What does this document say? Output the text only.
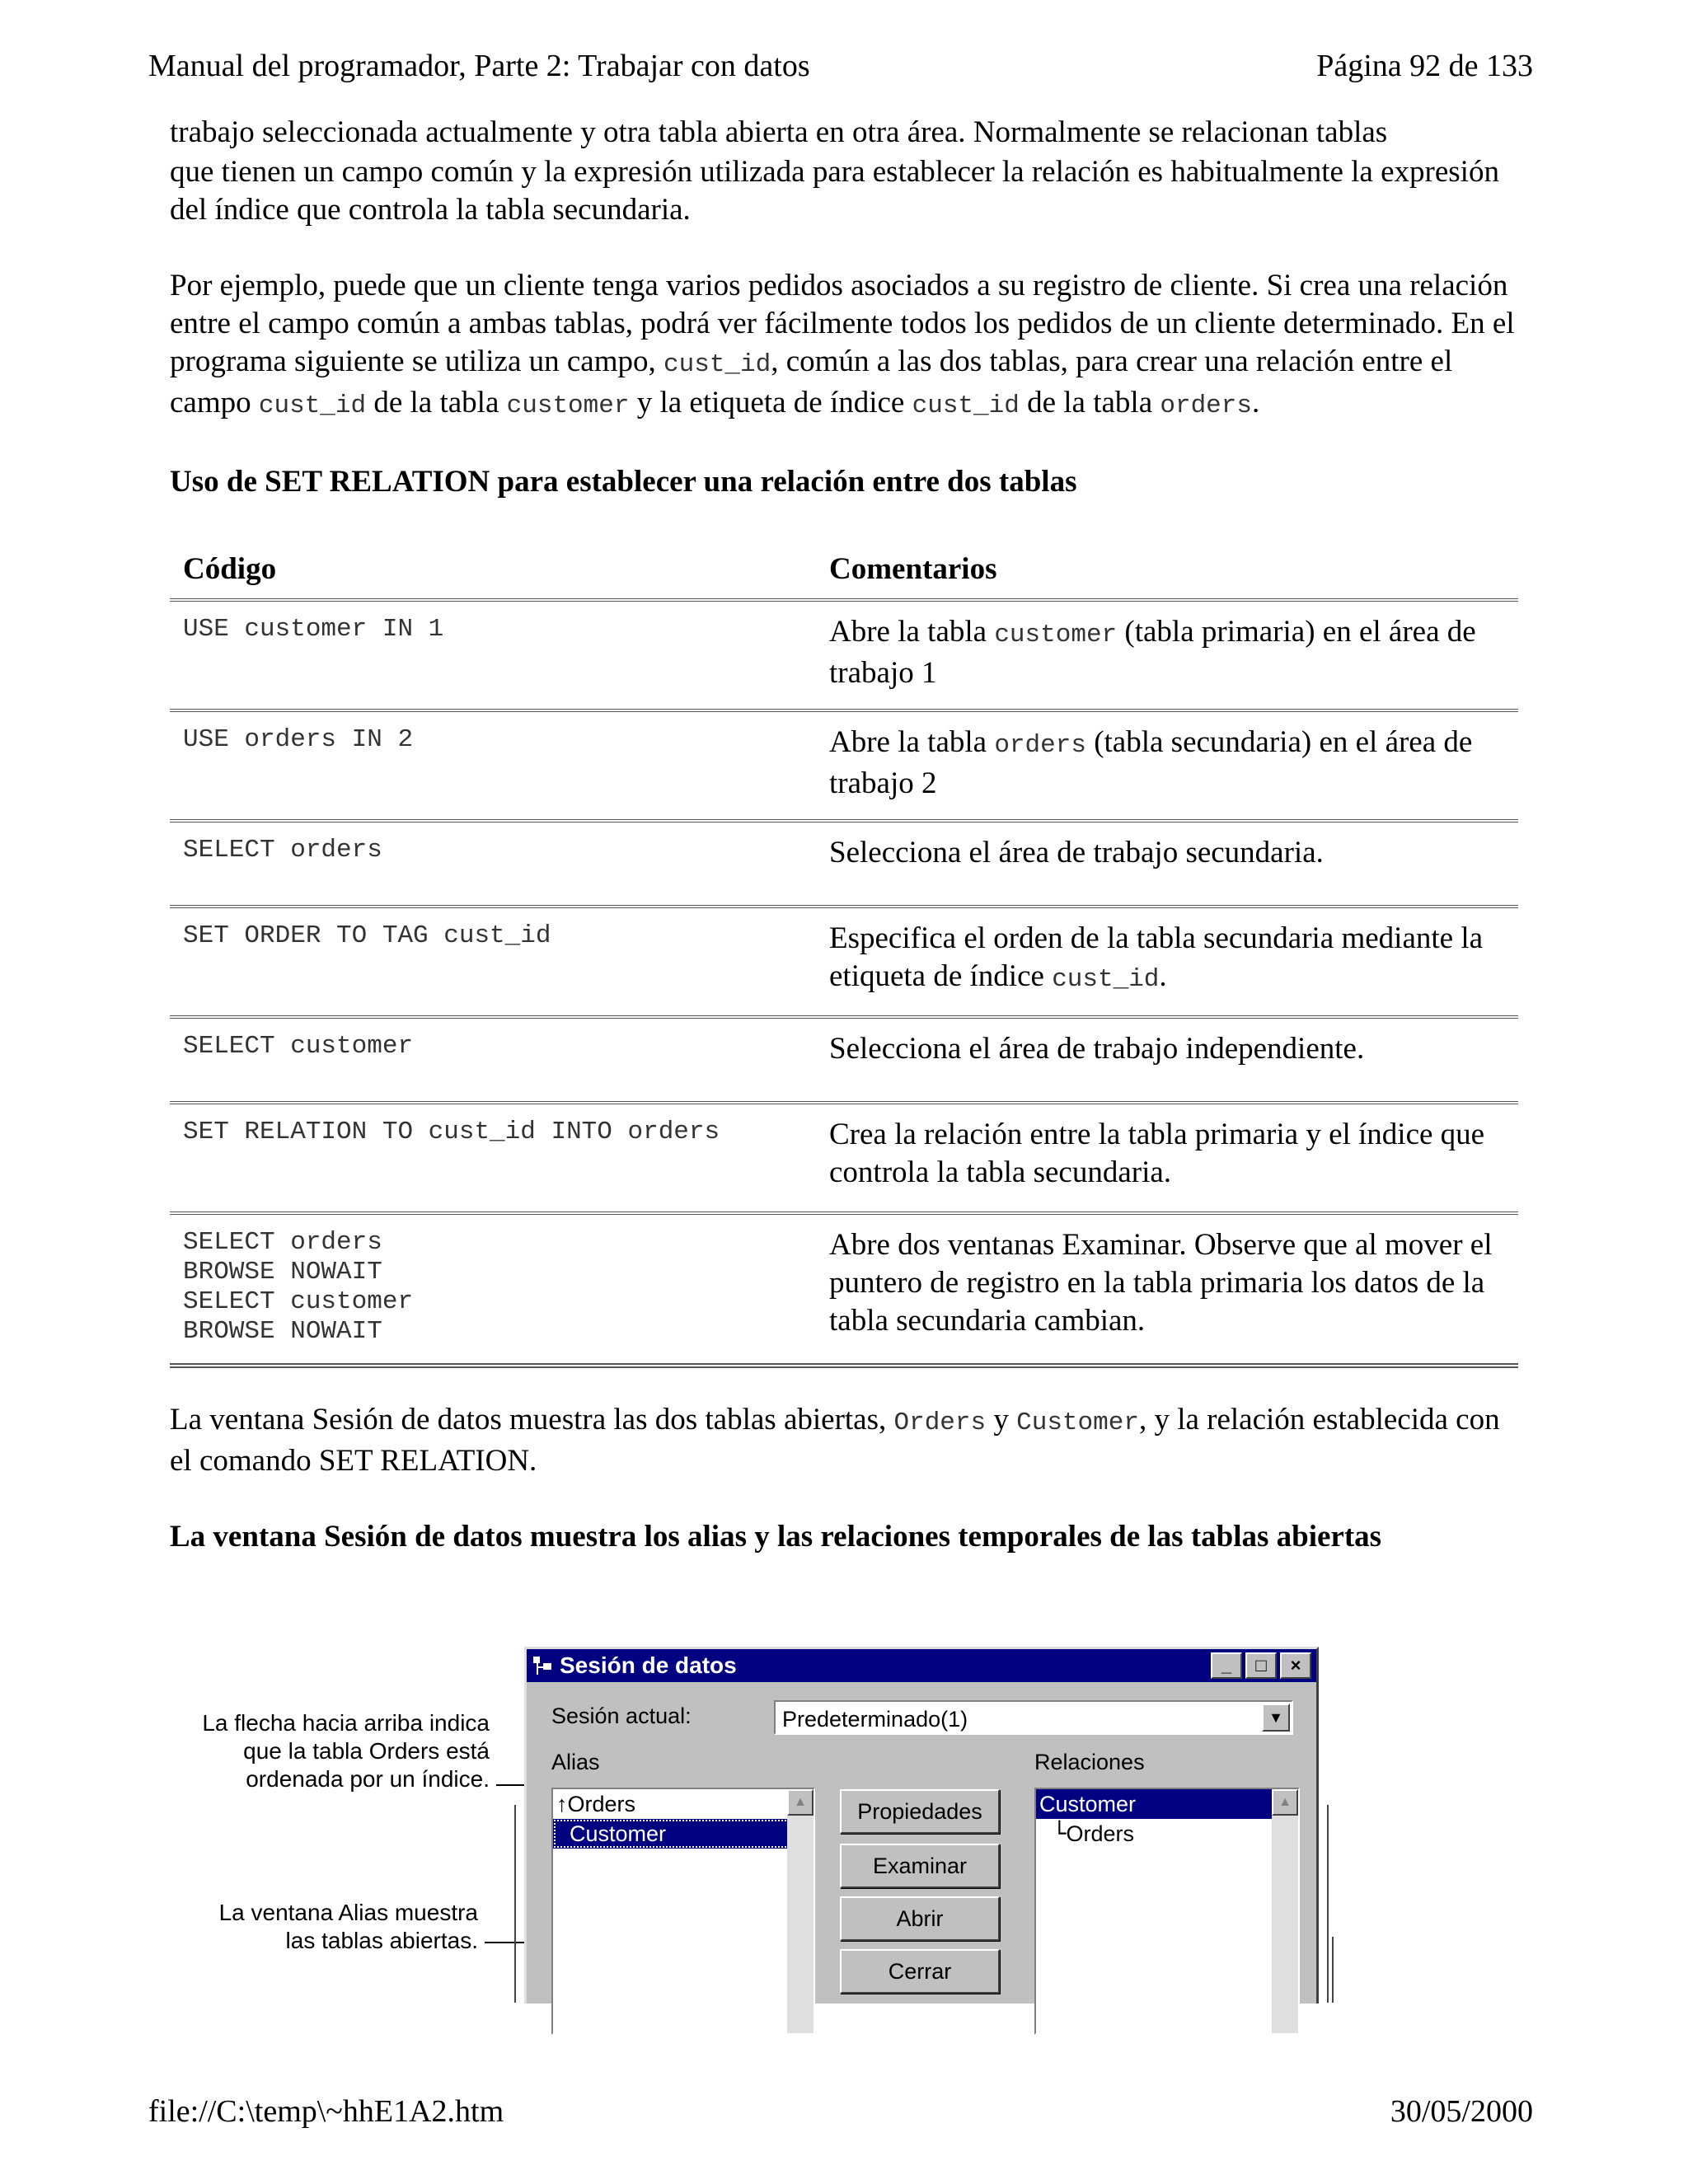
Manual del programador, Parte 2: Trabajar con datos	Página 92 de 133
trabajo seleccionada actualmente y otra tabla abierta en otra área. Normalmente se relacionan tablas

que tienen un campo común y la expresión utilizada para establecer la relación es habitualmente la expresión del índice que controla la tabla secundaria.

Por ejemplo, puede que un cliente tenga varios pedidos asociados a su registro de cliente. Si crea una relación entre el campo común a ambas tablas, podrá ver fácilmente todos los pedidos de un cliente determinado. En el programa siguiente se utiliza un campo, cust_id, común a las dos tablas, para crear una relación entre el campo cust_id de la tabla customer y la etiqueta de índice cust_id de la tabla orders.

Uso de SET RELATION para establecer una relación entre dos tablas
Código	Comentarios
USE customer IN 1	Abre la tabla customer (tabla primaria) en el área de trabajo 1
USE orders IN 2	Abre la tabla orders (tabla secundaria) en el área de trabajo 2
SELECT orders	Selecciona el área de trabajo secundaria.
SET ORDER TO TAG cust_id	Especifica el orden de la tabla secundaria mediante la etiqueta de índice cust_id.
SELECT customer	Selecciona el área de trabajo independiente.
SET RELATION TO cust_id INTO orders	Crea la relación entre la tabla primaria y el índice que controla la tabla secundaria.
SELECT orders
BROWSE NOWAIT
SELECT customer
BROWSE NOWAIT	Abre dos ventanas Examinar. Observe que al mover el puntero de registro en la tabla primaria los datos de la tabla secundaria cambian.

La ventana Sesión de datos muestra las dos tablas abiertas, Orders y Customer, y la relación establecida con el comando SET RELATION.

La ventana Sesión de datos muestra los alias y las relaciones temporales de las tablas abiertas
La flecha hacia arriba indica
que la tabla Orders está
ordenada por un índice.
La ventana Alias muestra
las tablas abiertas.
Sesión de datos	_	□	×
Sesión actual:	Predeterminado(1)	▼
Alias	Relaciones
↑Orders
Customer
▲	Propiedades
Examinar
Abrir
Cerrar
Customer
└Orders
▲
file://C:\temp\~hhE1A2.htm	30/05/2000
